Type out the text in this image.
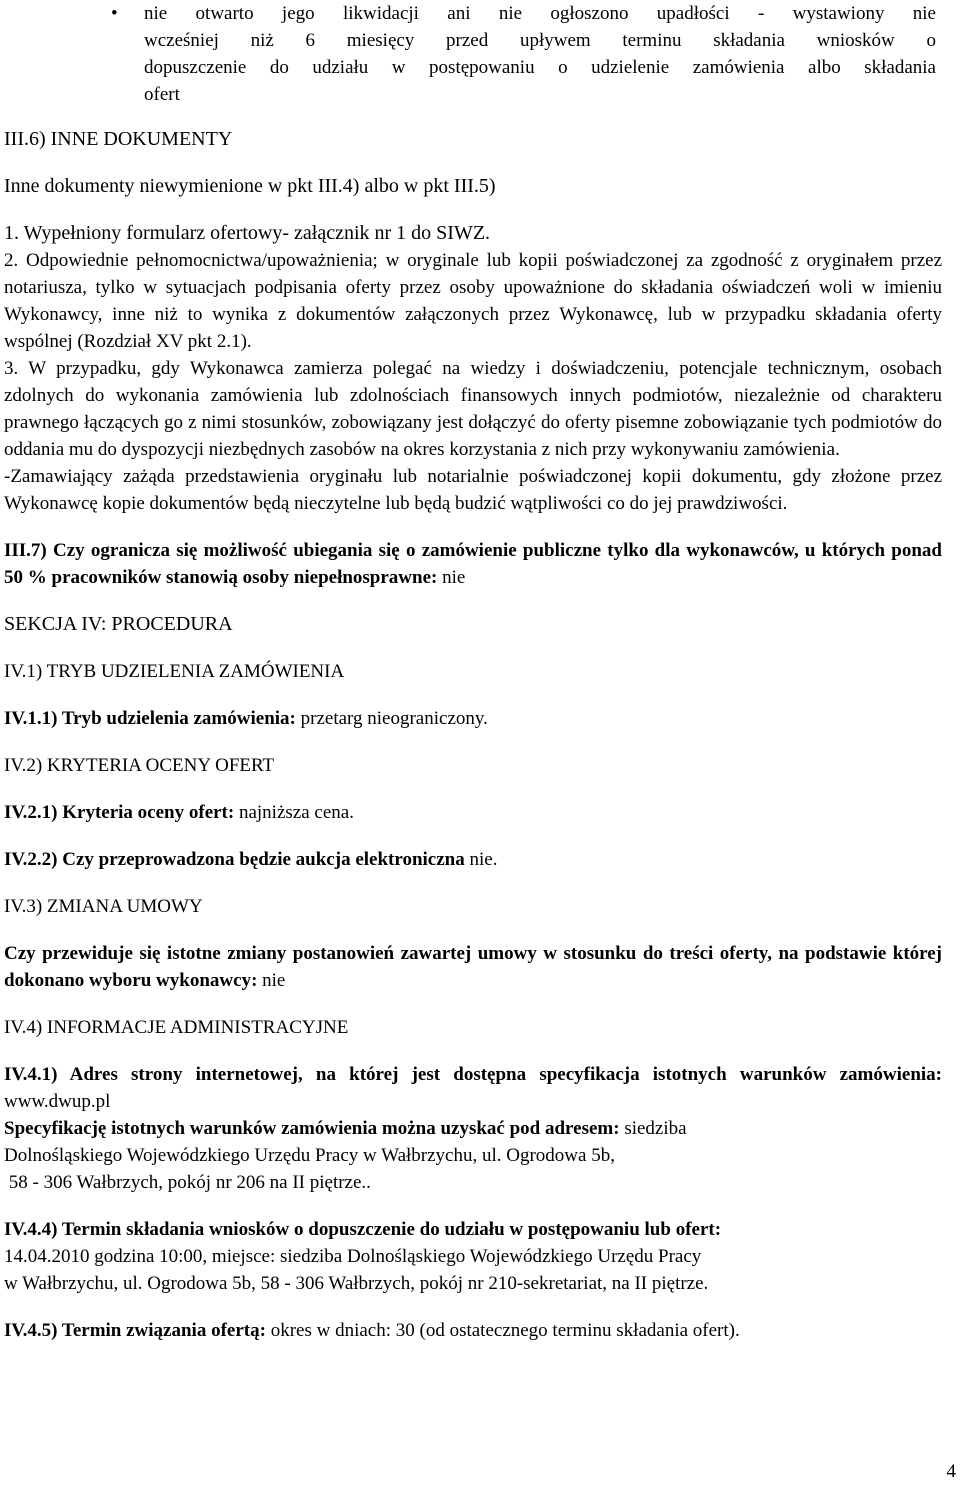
• nie otwarto jego likwidacji ani nie ogłoszono upadłości - wystawiony nie

wcześniej niż 6 miesięcy przed upływem terminu składania wniosków o

dopuszczenie do udziału w postępowaniu o udzielenie zamówienia albo składania

ofert

III.6) INNE DOKUMENTY

Inne dokumenty niewymienione w pkt III.4) albo w pkt III.5)

1. Wypełniony formularz ofertowy- załącznik nr 1 do SIWZ.

2. Odpowiednie pełnomocnictwa/upoważnienia; w oryginale lub kopii poświadczonej za zgodność z oryginałem przez notariusza, tylko w sytuacjach podpisania oferty przez osoby upoważnione do składania oświadczeń woli w imieniu Wykonawcy, inne niż to wynika z dokumentów załączonych przez Wykonawcę, lub w przypadku składania oferty wspólnej (Rozdział XV pkt 2.1).

3. W przypadku, gdy Wykonawca zamierza polegać na wiedzy i doświadczeniu, potencjale technicznym, osobach zdolnych do wykonania zamówienia lub zdolnościach finansowych innych podmiotów, niezależnie od charakteru prawnego łączących go z nimi stosunków, zobowiązany jest dołączyć do oferty pisemne zobowiązanie tych podmiotów do oddania mu do dyspozycji niezbędnych zasobów na okres korzystania z nich przy wykonywaniu zamówienia.

-Zamawiający zażąda przedstawienia oryginału lub notarialnie poświadczonej kopii dokumentu, gdy złożone przez Wykonawcę kopie dokumentów będą nieczytelne lub będą budzić wątpliwości co do jej prawdziwości.

III.7) Czy ogranicza się możliwość ubiegania się o zamówienie publiczne tylko dla wykonawców, u których ponad 50 % pracowników stanowią osoby niepełnosprawne: nie

SEKCJA IV: PROCEDURA

IV.1) TRYB UDZIELENIA ZAMÓWIENIA

IV.1.1) Tryb udzielenia zamówienia: przetarg nieograniczony.

IV.2) KRYTERIA OCENY OFERT

IV.2.1) Kryteria oceny ofert: najniższa cena.

IV.2.2) Czy przeprowadzona będzie aukcja elektroniczna nie.

IV.3) ZMIANA UMOWY

Czy przewiduje się istotne zmiany postanowień zawartej umowy w stosunku do treści oferty, na podstawie której dokonano wyboru wykonawcy: nie

IV.4) INFORMACJE ADMINISTRACYJNE

IV.4.1) Adres strony internetowej, na której jest dostępna specyfikacja istotnych warunków zamówienia: www.dwup.pl

Specyfikację istotnych warunków zamówienia można uzyskać pod adresem: siedziba

Dolnośląskiego Wojewódzkiego Urzędu Pracy w Wałbrzychu, ul. Ogrodowa 5b,

58 - 306 Wałbrzych, pokój nr 206 na II piętrze..

IV.4.4) Termin składania wniosków o dopuszczenie do udziału w postępowaniu lub ofert:

14.04.2010 godzina 10:00, miejsce: siedziba Dolnośląskiego Wojewódzkiego Urzędu Pracy

w Wałbrzychu, ul. Ogrodowa 5b, 58 - 306 Wałbrzych, pokój nr 210-sekretariat, na II piętrze.

IV.4.5) Termin związania ofertą: okres w dniach: 30 (od ostatecznego terminu składania ofert).

4
